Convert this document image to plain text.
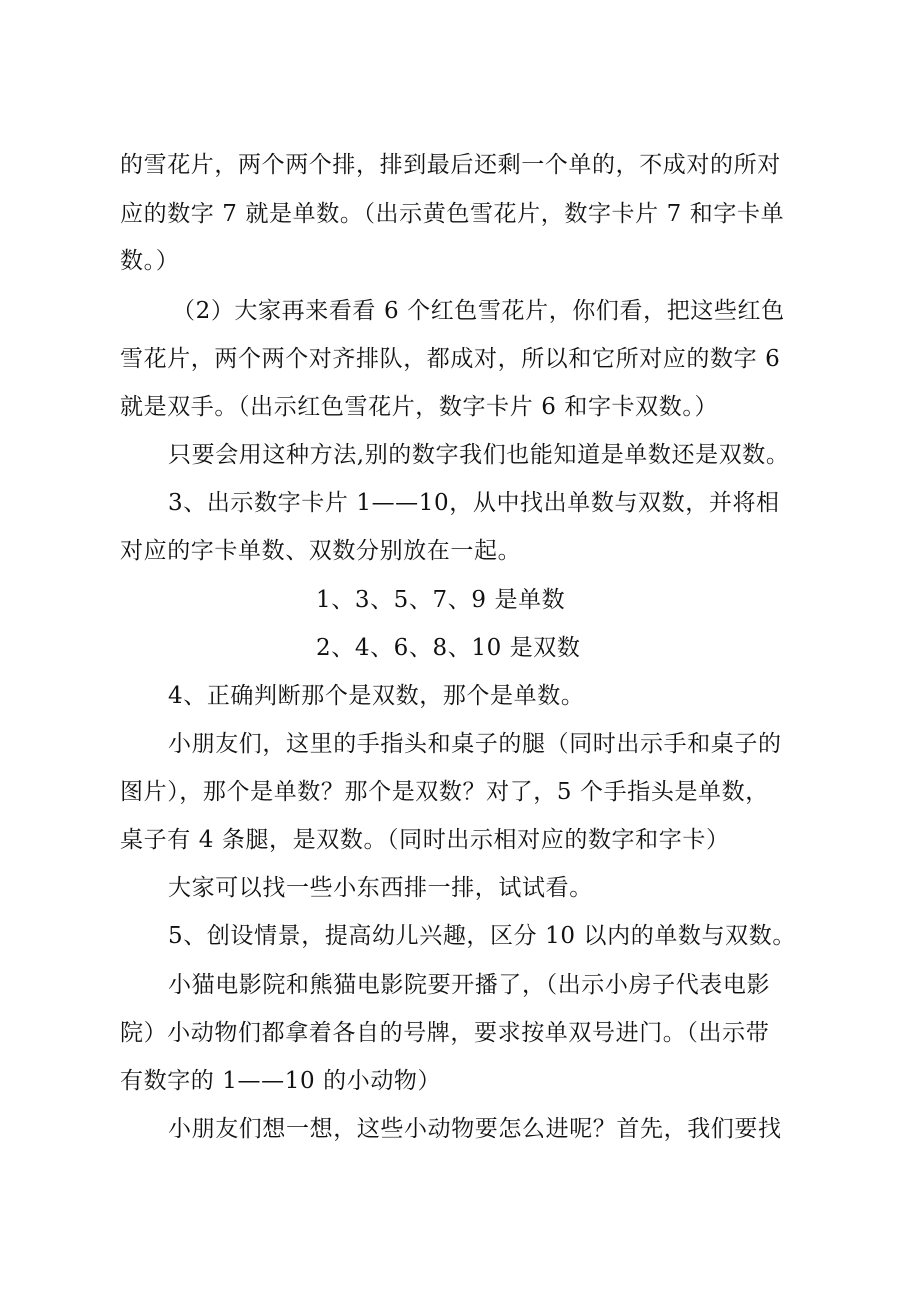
的雪花片，两个两个排，排到最后还剩一个单的，不成对的所对
应的数字 7 就是单数。（出示黄色雪花片，数字卡片 7 和字卡单
数。）
（2）大家再来看看 6 个红色雪花片，你们看，把这些红色
雪花片，两个两个对齐排队，都成对，所以和它所对应的数字 6
就是双手。（出示红色雪花片，数字卡片 6 和字卡双数。）
只要会用这种方法,别的数字我们也能知道是单数还是双数。
3、出示数字卡片 1——10，从中找出单数与双数，并将相
对应的字卡单数、双数分别放在一起。
1、3、5、7、9 是单数
2、4、6、8、10 是双数
4、正确判断那个是双数，那个是单数。
小朋友们，这里的手指头和桌子的腿（同时出示手和桌子的
图片），那个是单数？那个是双数？对了，5 个手指头是单数，
桌子有 4 条腿，是双数。（同时出示相对应的数字和字卡）
大家可以找一些小东西排一排，试试看。
5、创设情景，提高幼儿兴趣，区分 10 以内的单数与双数。
小猫电影院和熊猫电影院要开播了，（出示小房子代表电影
院）小动物们都拿着各自的号牌，要求按单双号进门。（出示带
有数字的 1——10 的小动物）
小朋友们想一想，这些小动物要怎么进呢？首先，我们要找
